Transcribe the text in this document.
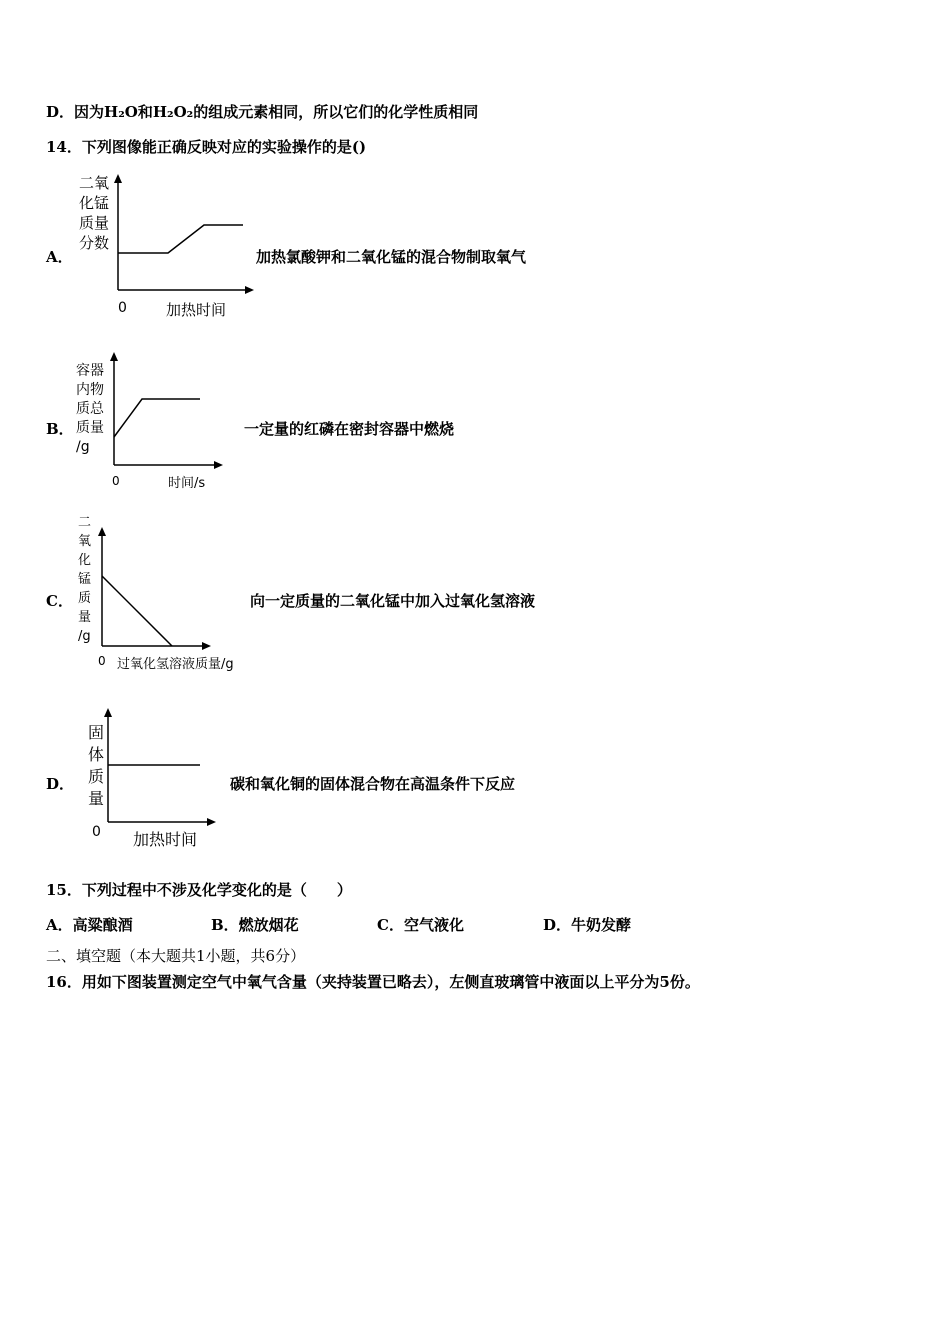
D．因为H₂O和H₂O₂的组成元素相同，所以它们的化学性质相同
14．下列图像能正确反映对应的实验操作的是()
A．
二氧
化锰
质量
分数
0	加热时间
加热氯酸钾和二氧化锰的混合物制取氧气
B．
容器
内物
质总
质量
/g
0	时间/s
一定量的红磷在密封容器中燃烧
C．
二
氧
化
锰
质
量
/g
0 过氧化氢溶液质量/g
向一定质量的二氧化锰中加入过氧化氢溶液
D．
固
体
质
量
0 加热时间
碳和氧化铜的固体混合物在高温条件下反应
15．下列过程中不涉及化学变化的是（　　）
A．高粱酿酒	B．燃放烟花	C．空气液化	D．牛奶发酵
二、填空题（本大题共1小题，共6分）
16．用如下图装置测定空气中氧气含量（夹持装置已略去），左侧直玻璃管中液面以上平分为5份。
